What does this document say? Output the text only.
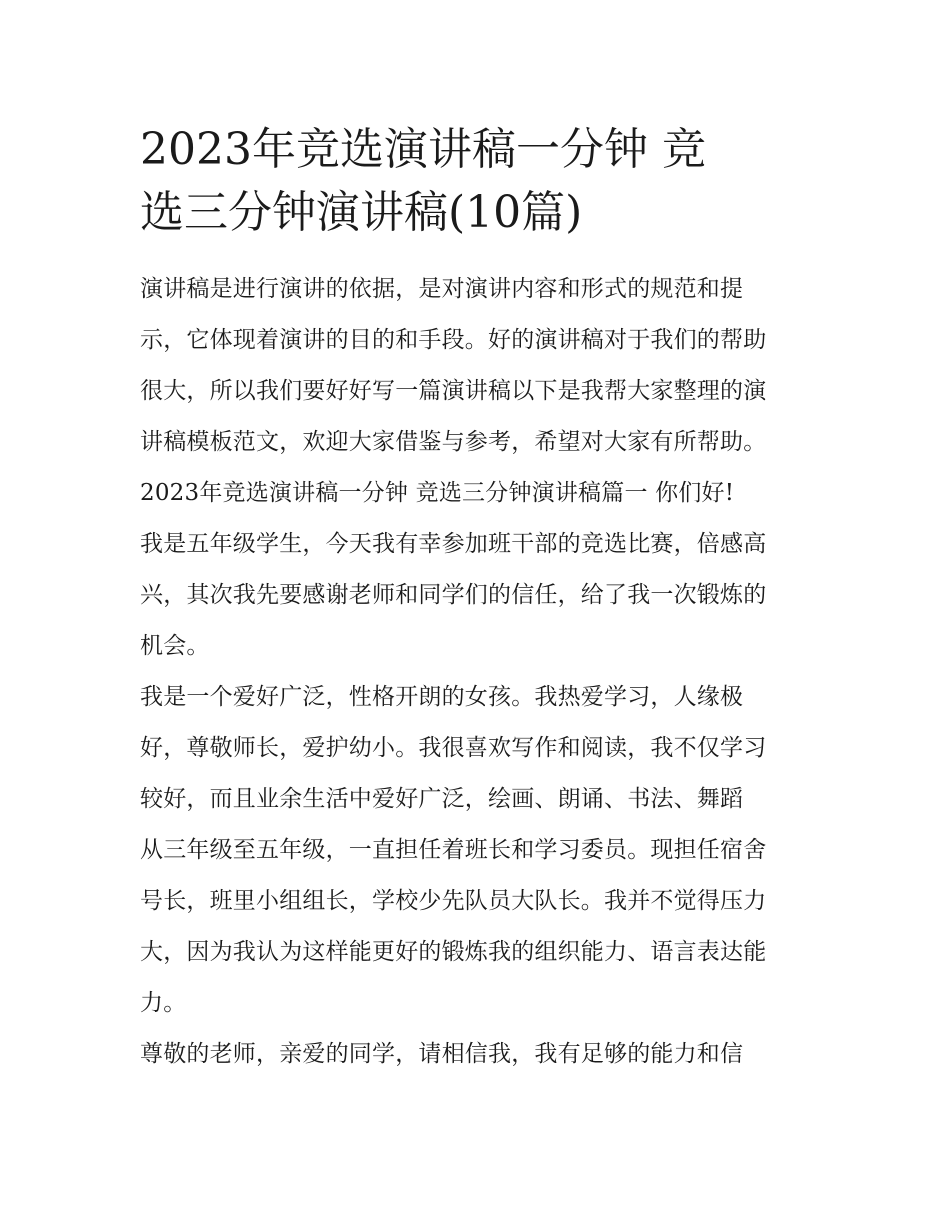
2023年竞选演讲稿一分钟 竞
选三分钟演讲稿(10篇)

演讲稿是进行演讲的依据，是对演讲内容和形式的规范和提

示，它体现着演讲的目的和手段。好的演讲稿对于我们的帮助

很大，所以我们要好好写一篇演讲稿以下是我帮大家整理的演

讲稿模板范文，欢迎大家借鉴与参考，希望对大家有所帮助。

2023年竞选演讲稿一分钟 竞选三分钟演讲稿篇一 你们好!

我是五年级学生，今天我有幸参加班干部的竞选比赛，倍感高

兴，其次我先要感谢老师和同学们的信任，给了我一次锻炼的

机会。

我是一个爱好广泛，性格开朗的女孩。我热爱学习，人缘极

好，尊敬师长，爱护幼小。我很喜欢写作和阅读，我不仅学习

较好，而且业余生活中爱好广泛，绘画、朗诵、书法、舞蹈

从三年级至五年级，一直担任着班长和学习委员。现担任宿舍

号长，班里小组组长，学校少先队员大队长。我并不觉得压力

大，因为我认为这样能更好的锻炼我的组织能力、语言表达能

力。

尊敬的老师，亲爱的同学，请相信我，我有足够的能力和信
